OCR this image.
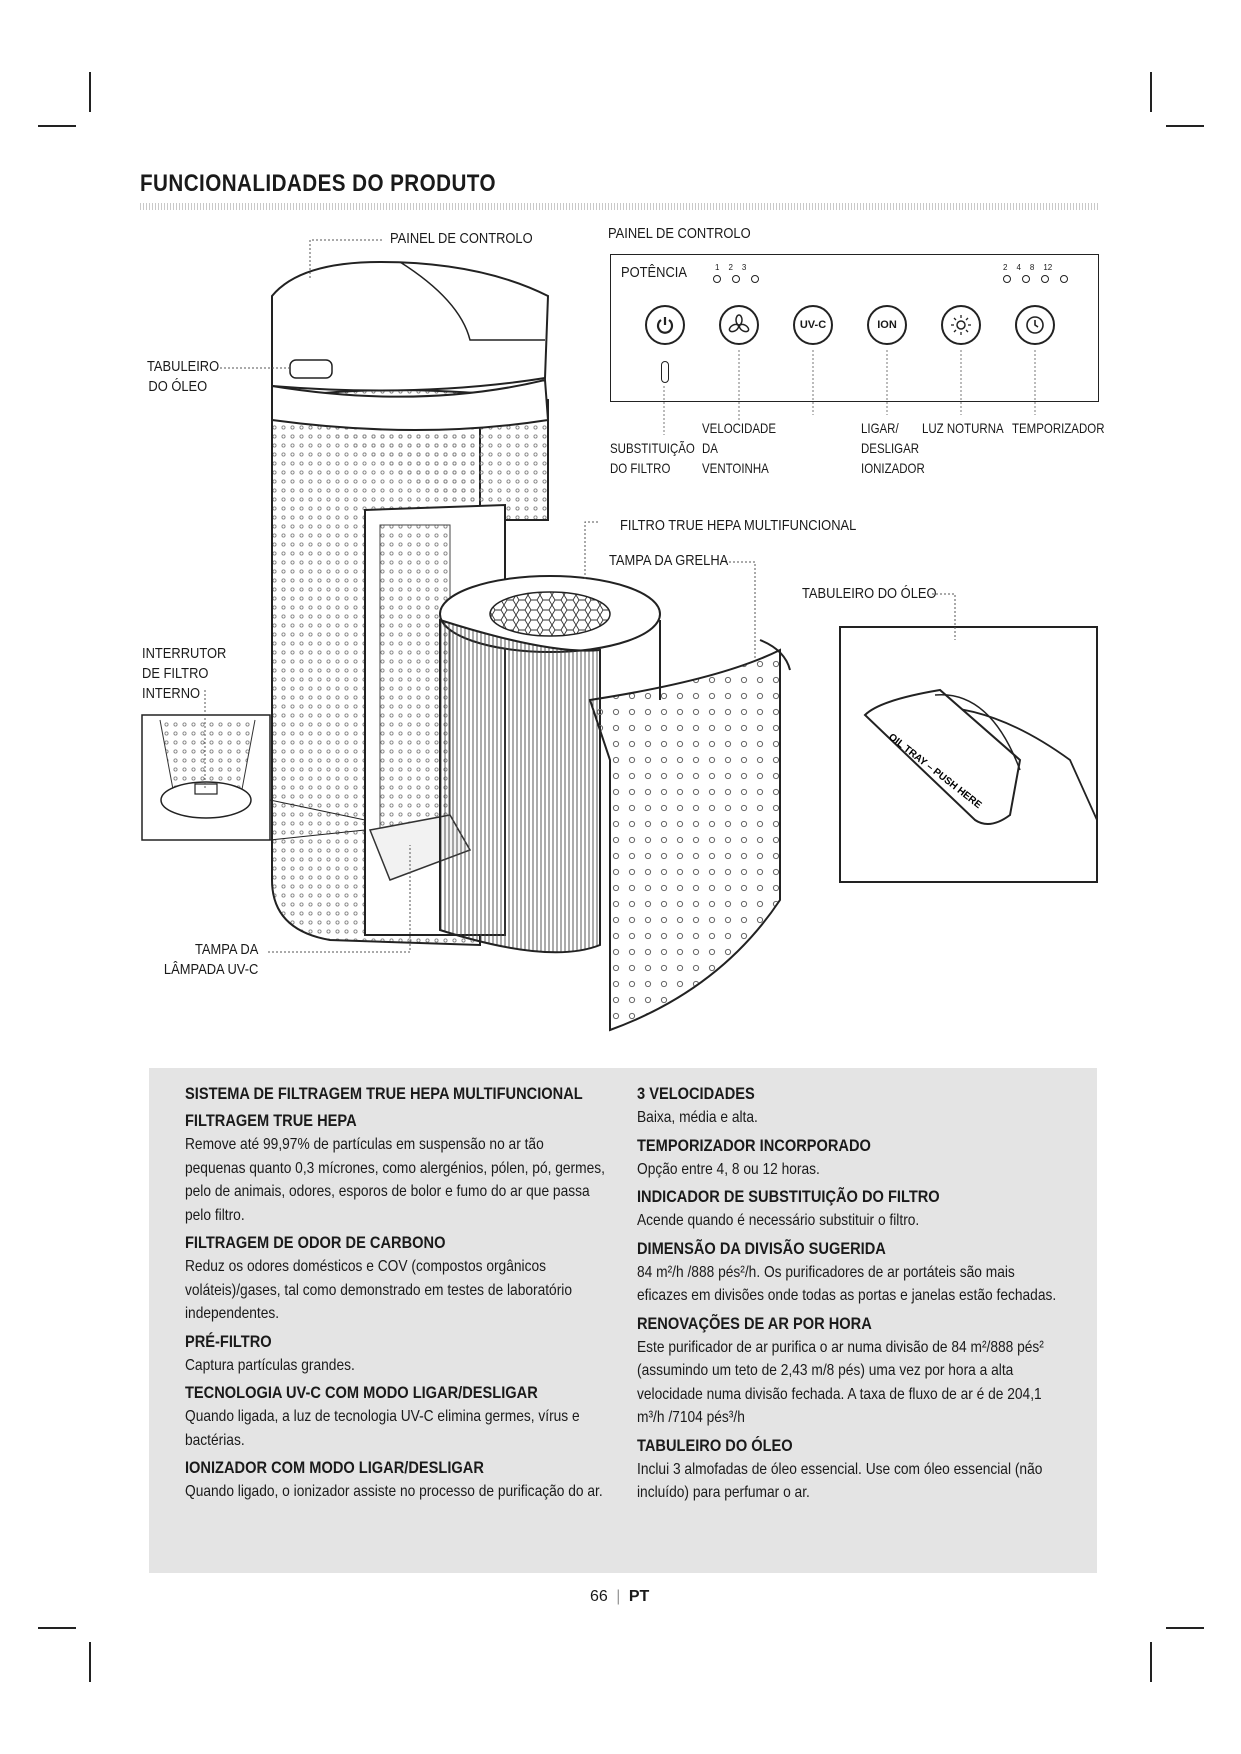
FUNCIONALIDADES DO PRODUTO
OIL TRAY – PUSH HERE
PAINEL DE CONTROLO
TABULEIRO DO ÓLEO
INTERRUTOR DE FILTRO INTERNO
TAMPA DA LÂMPADA UV-C
FILTRO TRUE HEPA MULTIFUNCIONAL
TAMPA DA GRELHA
TABULEIRO DO ÓLEO
PAINEL DE CONTROLO
POTÊNCIA	1 2 3	2 4 8 12
UV-C	ION
SUBSTITUIÇÃO DO FILTRO
VELOCIDADE DA VENTOINHA
LIGAR/ DESLIGAR IONIZADOR
LUZ NOTURNA TEMPORIZADOR
SISTEMA DE FILTRAGEM TRUE HEPA MULTIFUNCIONAL
FILTRAGEM TRUE HEPA

Remove até 99,97% de partículas em suspensão no ar tão pequenas quanto 0,3 mícrones, como alergénios, pólen, pó, germes, pelo de animais, odores, esporos de bolor e fumo do ar que passa pelo filtro.

FILTRAGEM DE ODOR DE CARBONO

Reduz os odores domésticos e COV (compostos orgânicos voláteis)/gases, tal como demonstrado em testes de laboratório independentes.

PRÉ-FILTRO

Captura partículas grandes.

TECNOLOGIA UV-C COM MODO LIGAR/DESLIGAR

Quando ligada, a luz de tecnologia UV-C elimina germes, vírus e bactérias.

IONIZADOR COM MODO LIGAR/DESLIGAR

Quando ligado, o ionizador assiste no processo de purificação do ar.

3 VELOCIDADES

Baixa, média e alta.

TEMPORIZADOR INCORPORADO

Opção entre 4, 8 ou 12 horas.

INDICADOR DE SUBSTITUIÇÃO DO FILTRO

Acende quando é necessário substituir o filtro.

DIMENSÃO DA DIVISÃO SUGERIDA

84 m²/h /888 pés²/h. Os purificadores de ar portáteis são mais eficazes em divisões onde todas as portas e janelas estão fechadas.

RENOVAÇÕES DE AR POR HORA

Este purificador de ar purifica o ar numa divisão de 84 m²/888 pés² (assumindo um teto de 2,43 m/8 pés) uma vez por hora a alta velocidade numa divisão fechada. A taxa de fluxo de ar é de 204,1 m³/h /7104 pés³/h

TABULEIRO DO ÓLEO

Inclui 3 almofadas de óleo essencial. Use com óleo essencial (não incluído) para perfumar o ar.

66 | PT
